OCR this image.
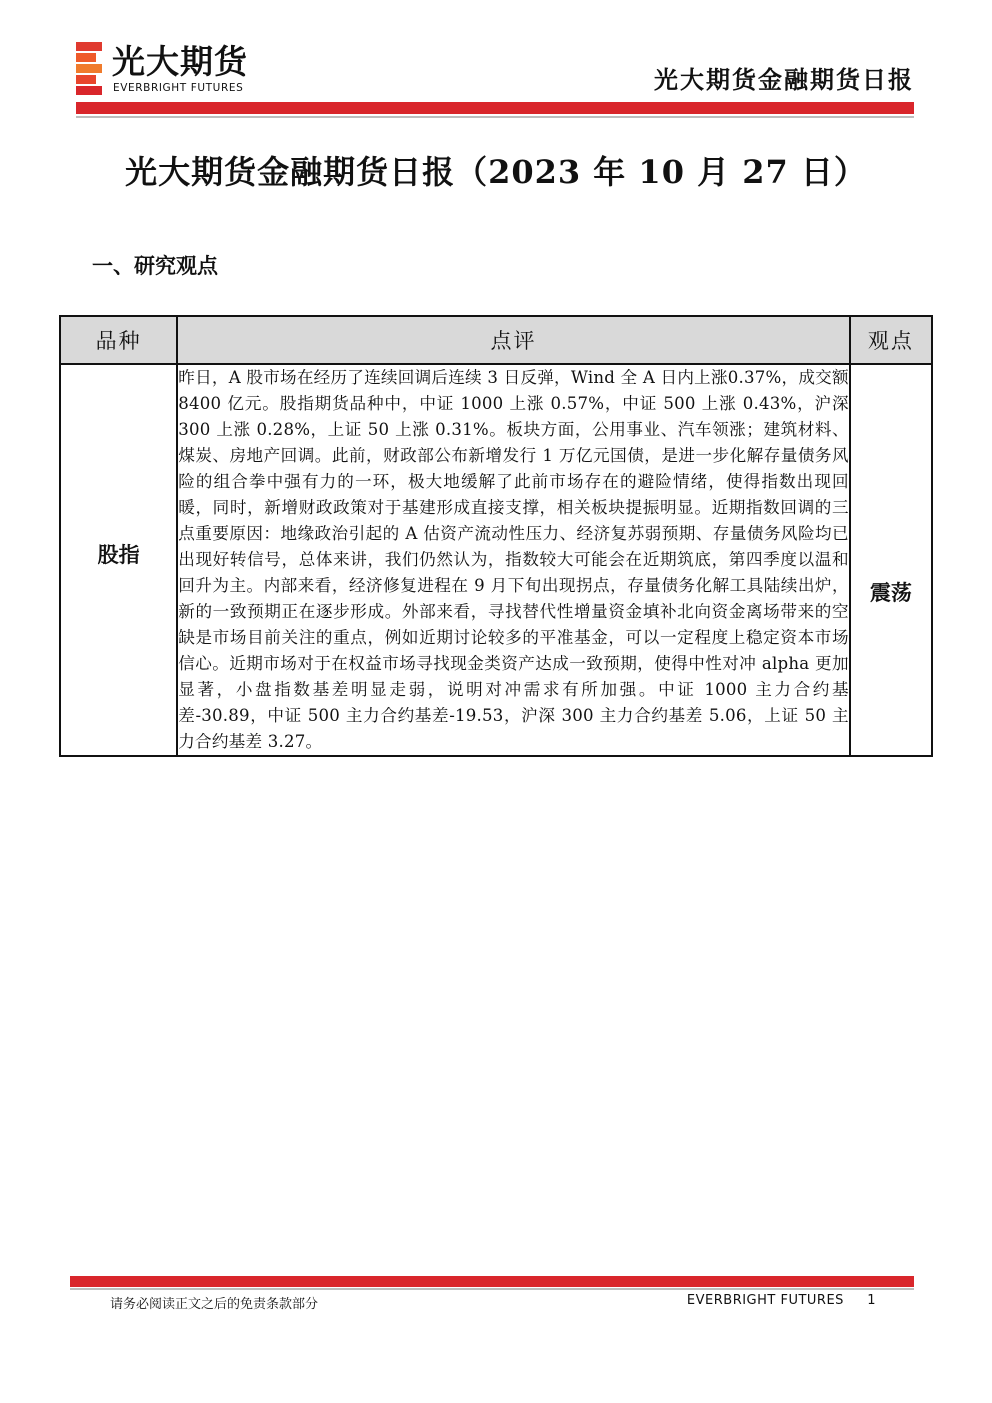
光大期货
EVERBRIGHT FUTURES	光大期货金融期货日报
光大期货金融期货日报（2023 年 10 月 27 日）
一、研究观点
品种	点评	观点
股指	昨日，A 股市场在经历了连续回调后连续 3 日反弹，Wind 全 A 日内上涨0.37%，成交额 8400 亿元。股指期货品种中，中证 1000 上涨 0.57%，中证 500 上涨 0.43%，沪深 300 上涨 0.28%，上证 50 上涨 0.31%。板块方面，公用事业、汽车领涨；建筑材料、煤炭、房地产回调。此前，财政部公布新增发行 1 万亿元国债，是进一步化解存量债务风险的组合拳中强有力的一环，极大地缓解了此前市场存在的避险情绪，使得指数出现回暖，同时，新增财政政策对于基建形成直接支撑，相关板块提振明显。近期指数回调的三点重要原因：地缘政治引起的 A 估资产流动性压力、经济复苏弱预期、存量债务风险均已出现好转信号，总体来讲，我们仍然认为，指数较大可能会在近期筑底，第四季度以温和回升为主。内部来看，经济修复进程在 9 月下旬出现拐点，存量债务化解工具陆续出炉，新的一致预期正在逐步形成。外部来看，寻找替代性增量资金填补北向资金离场带来的空缺是市场目前关注的重点，例如近期讨论较多的平准基金，可以一定程度上稳定资本市场信心。近期市场对于在权益市场寻找现金类资产达成一致预期，使得中性对冲 alpha 更加显著，小盘指数基差明显走弱，说明对冲需求有所加强。中证 1000 主力合约基差-30.89，中证 500 主力合约基差-19.53，沪深 300 主力合约基差 5.06，上证 50 主力合约基差 3.27。	震荡
请务必阅读正文之后的免责条款部分	EVERBRIGHT FUTURES 1
